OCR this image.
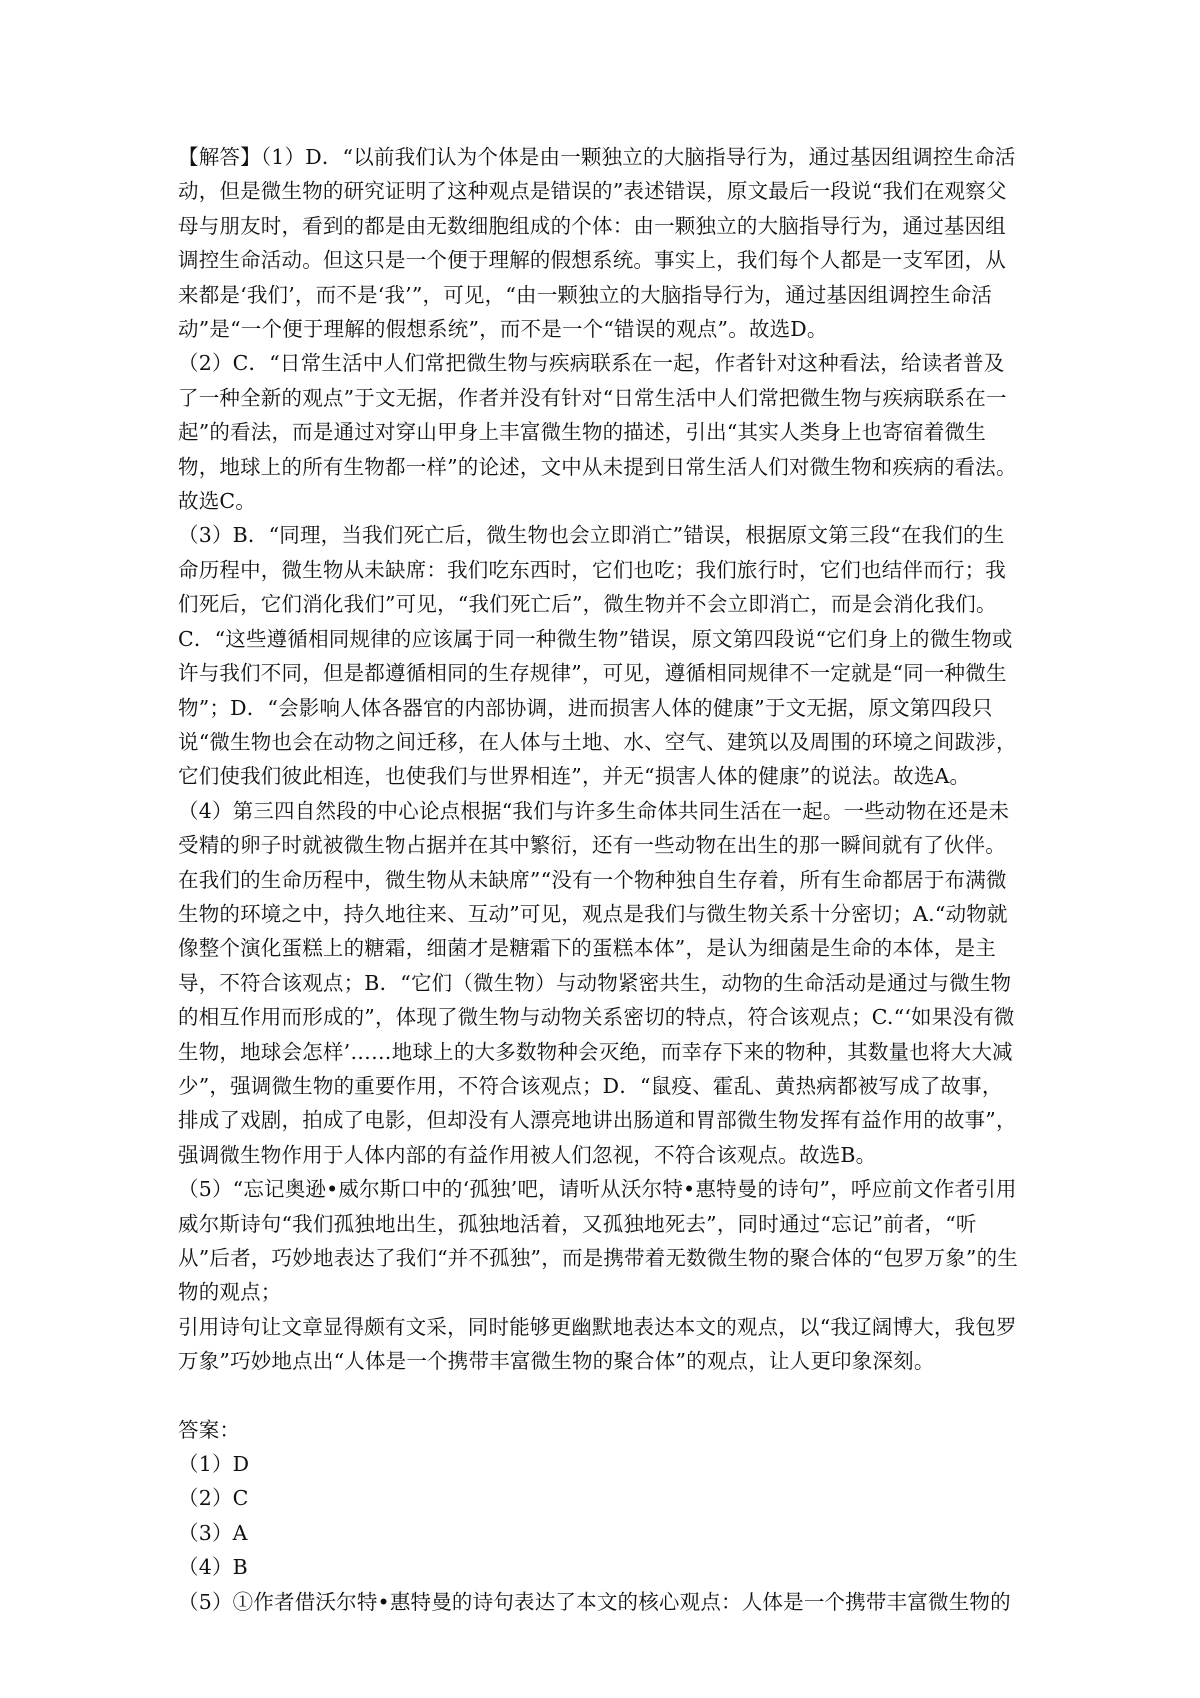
【解答】（1）D．“以前我们认为个体是由一颗独立的大脑指导行为，通过基因组调控生命活动，但是微生物的研究证明了这种观点是错误的”表述错误，原文最后一段说“我们在观察父母与朋友时，看到的都是由无数细胞组成的个体：由一颗独立的大脑指导行为，通过基因组调控生命活动。但这只是一个便于理解的假想系统。事实上，我们每个人都是一支军团，从来都是‘我们’，而不是‘我’”，可见，“由一颗独立的大脑指导行为，通过基因组调控生命活动”是“一个便于理解的假想系统”，而不是一个“错误的观点”。故选D。

（2）C．“日常生活中人们常把微生物与疾病联系在一起，作者针对这种看法，给读者普及了一种全新的观点”于文无据，作者并没有针对“日常生活中人们常把微生物与疾病联系在一起”的看法，而是通过对穿山甲身上丰富微生物的描述，引出“其实人类身上也寄宿着微生物，地球上的所有生物都一样”的论述，文中从未提到日常生活人们对微生物和疾病的看法。故选C。

（3）B．“同理，当我们死亡后，微生物也会立即消亡”错误，根据原文第三段“在我们的生命历程中，微生物从未缺席：我们吃东西时，它们也吃；我们旅行时，它们也结伴而行；我们死后，它们消化我们”可见，“我们死亡后”，微生物并不会立即消亡，而是会消化我们。C．“这些遵循相同规律的应该属于同一种微生物”错误，原文第四段说“它们身上的微生物或许与我们不同，但是都遵循相同的生存规律”，可见，遵循相同规律不一定就是“同一种微生物”；D．“会影响人体各器官的内部协调，进而损害人体的健康”于文无据，原文第四段只说“微生物也会在动物之间迁移，在人体与土地、水、空气、建筑以及周围的环境之间跋涉，它们使我们彼此相连，也使我们与世界相连”，并无“损害人体的健康”的说法。故选A。

（4）第三四自然段的中心论点根据“我们与许多生命体共同生活在一起。一些动物在还是未受精的卵子时就被微生物占据并在其中繁衍，还有一些动物在出生的那一瞬间就有了伙伴。在我们的生命历程中，微生物从未缺席”“没有一个物种独自生存着，所有生命都居于布满微生物的环境之中，持久地往来、互动”可见，观点是我们与微生物关系十分密切；A.“动物就像整个演化蛋糕上的糖霜，细菌才是糖霜下的蛋糕本体”，是认为细菌是生命的本体，是主导，不符合该观点；B．“它们（微生物）与动物紧密共生，动物的生命活动是通过与微生物的相互作用而形成的”，体现了微生物与动物关系密切的特点，符合该观点；C.“‘如果没有微生物，地球会怎样’……地球上的大多数物种会灭绝，而幸存下来的物种，其数量也将大大减少”，强调微生物的重要作用，不符合该观点；D．“鼠疫、霍乱、黄热病都被写成了故事，排成了戏剧，拍成了电影，但却没有人漂亮地讲出肠道和胃部微生物发挥有益作用的故事”，强调微生物作用于人体内部的有益作用被人们忽视，不符合该观点。故选B。

（5）“忘记奥逊•威尔斯口中的‘孤独’吧，请听从沃尔特•惠特曼的诗句”，呼应前文作者引用威尔斯诗句“我们孤独地出生，孤独地活着，又孤独地死去”，同时通过“忘记”前者，“听从”后者，巧妙地表达了我们“并不孤独”，而是携带着无数微生物的聚合体的“包罗万象”的生物的观点；

引用诗句让文章显得颇有文采，同时能够更幽默地表达本文的观点，以“我辽阔博大，我包罗万象”巧妙地点出“人体是一个携带丰富微生物的聚合体”的观点，让人更印象深刻。

答案：

（1）D

（2）C

（3）A

（4）B

（5）①作者借沃尔特•惠特曼的诗句表达了本文的核心观点：人体是一个携带丰富微生物的
